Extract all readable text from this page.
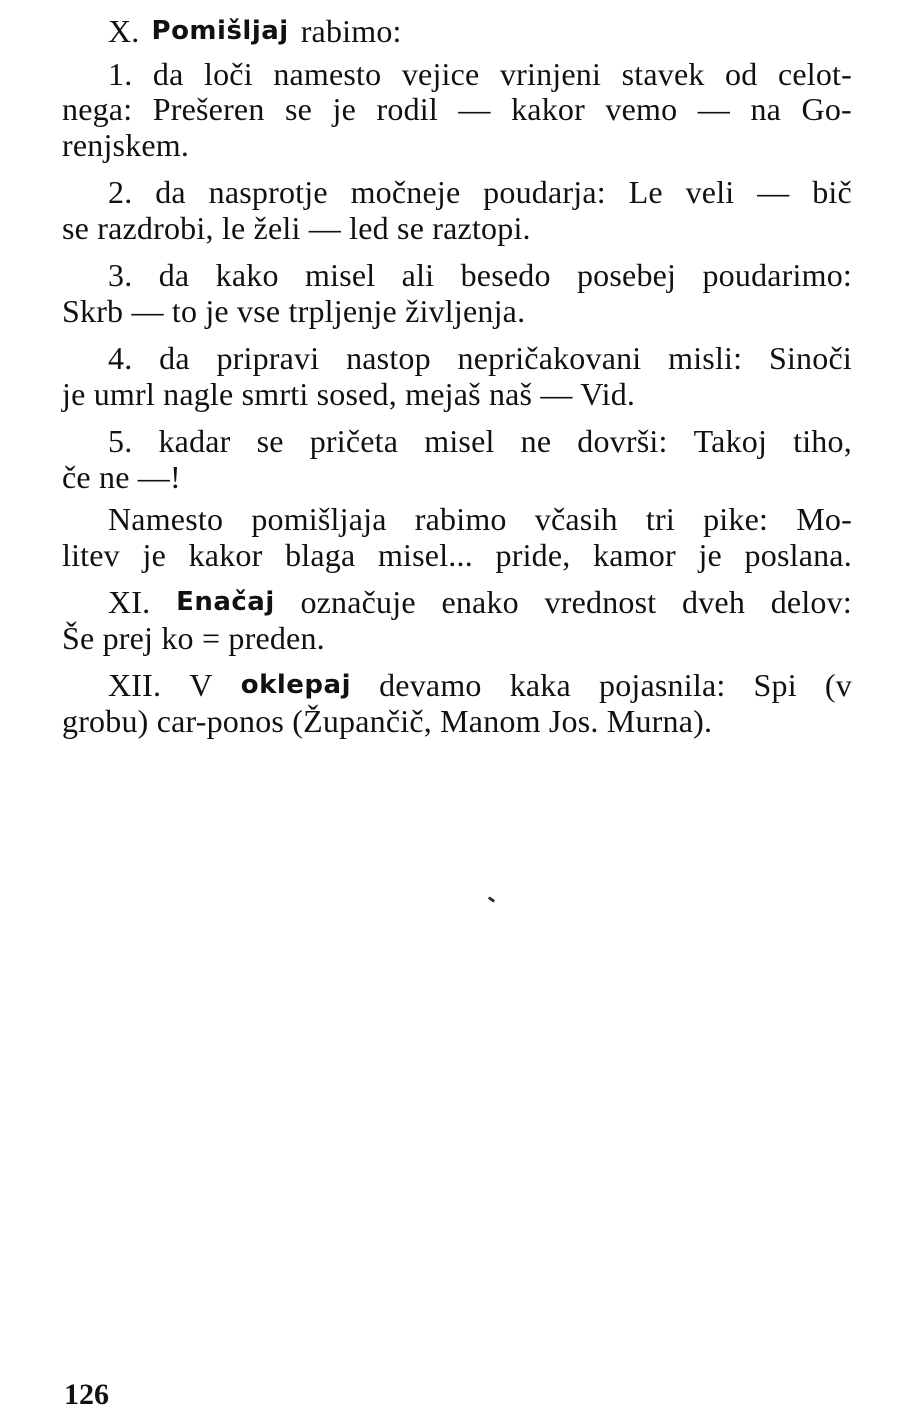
X. Pomišljaj rabimo:
1. da loči namesto vejice vrinjeni stavek od celot-
nega: Prešeren se je rodil — kakor vemo — na Go-
renjskem.
2. da nasprotje močneje poudarja: Le veli — bič
se razdrobi, le želi — led se raztopi.
3. da kako misel ali besedo posebej poudarimo:
Skrb — to je vse trpljenje življenja.
4. da pripravi nastop nepričakovani misli: Sinoči
je umrl nagle smrti sosed, mejaš naš — Vid.
5. kadar se pričeta misel ne dovrši: Takoj tiho,
če ne —!
Namesto pomišljaja rabimo včasih tri pike: Mo-
litev je kakor blaga misel... pride, kamor je poslana.
XI. Enačaj označuje enako vrednost dveh delov:
Še prej ko = preden.
XII. V oklepaj devamo kaka pojasnila: Spi (v
grobu) car-ponos (Župančič, Manom Jos. Murna).
126
